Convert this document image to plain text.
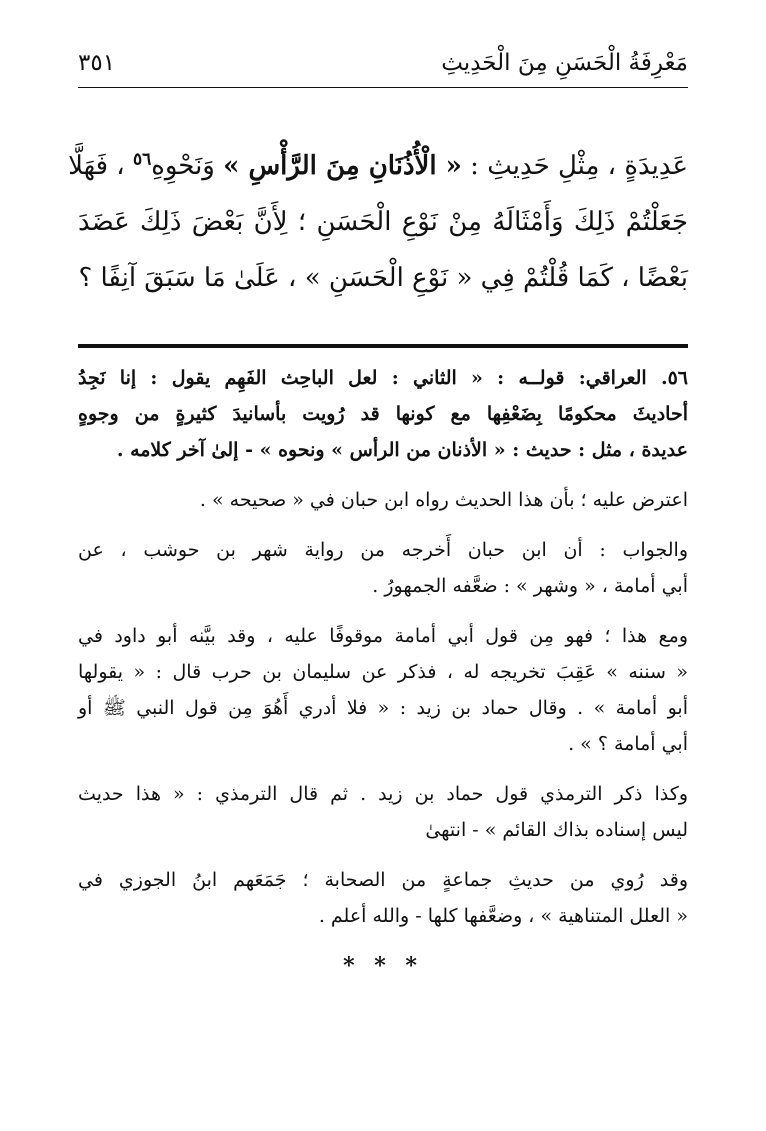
مَعْرِفَةُ الْحَسَنِ مِنَ الْحَدِيثِ
٣٥١
عَدِيدَةٍ ، مِثْلِ حَدِيثِ : « الْأُذُنَانِ مِنَ الرَّأْسِ » وَنَحْوِهِ$^{٥٦}$ ، فَهَلَّا
جَعَلْتُمْ ذَلِكَ وَأَمْثَالَهُ مِنْ نَوْعِ الْحَسَنِ ؛ لِأَنَّ بَعْضَ ذَلِكَ عَضَدَ
بَعْضًا ، كَمَا قُلْتُمْ فِي « نَوْعِ الْحَسَنِ » ، عَلَىٰ مَا سَبَقَ آنِفًا ؟
٥٦. العراقي: قولــه : « الثاني : لعل الباحِث الفَهِم يقول : إنا نَجِدُ
أحاديثَ محكومًا بِضَعْفِها مع كونها قد رُويت بأسانيدَ كثيرةٍ من وجوهٍ
عديدة ، مثل : حديث : « الأذنان من الرأس » ونحوه » - إلىٰ آخر كلامه .
اعترض عليه ؛ بأن هذا الحديث رواه ابن حبان في « صحيحه » .
والجواب : أن ابن حبان أَخرجه من رواية شهر بن حوشب ، عن
أبي أمامة ، « وشهر » : ضعَّفه الجمهورُ .
ومع هذا ؛ فهو مِن قول أبي أمامة موقوفًا عليه ، وقد بيَّنه أبو داود في
« سننه » عَقِبَ تخريجه له ، فذكر عن سليمان بن حرب قال : « يقولها
أبو أمامة » . وقال حماد بن زيد : « فلا أدري أَهُوَ مِن قول النبي ﷺ أو
أبي أمامة ؟ » .
وكذا ذكر الترمذي قول حماد بن زيد . ثم قال الترمذي : « هذا حديث
ليس إسناده بذاك القائم » - انتهىٰ
وقد رُوي من حديثِ جماعةٍ من الصحابة ؛ جَمَعَهم ابنُ الجوزي في
« العلل المتناهية » ، وضعَّفها كلها - والله أعلم .
* * *
